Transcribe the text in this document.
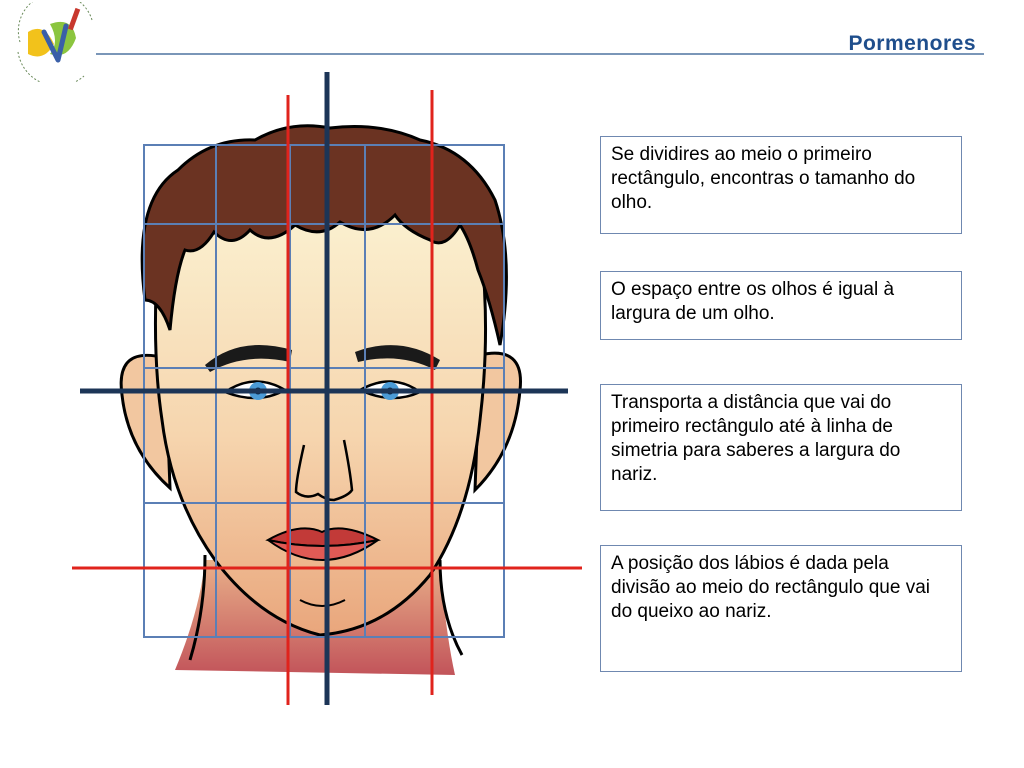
Pormenores
Se dividires ao meio o primeiro rectângulo, encontras o tamanho do olho.
O espaço entre os olhos é igual à largura de um olho.
Transporta a distância que vai do primeiro rectângulo até à linha de simetria para saberes a largura do nariz.
A posição dos lábios é dada pela divisão ao meio do rectângulo que vai do queixo ao nariz.
